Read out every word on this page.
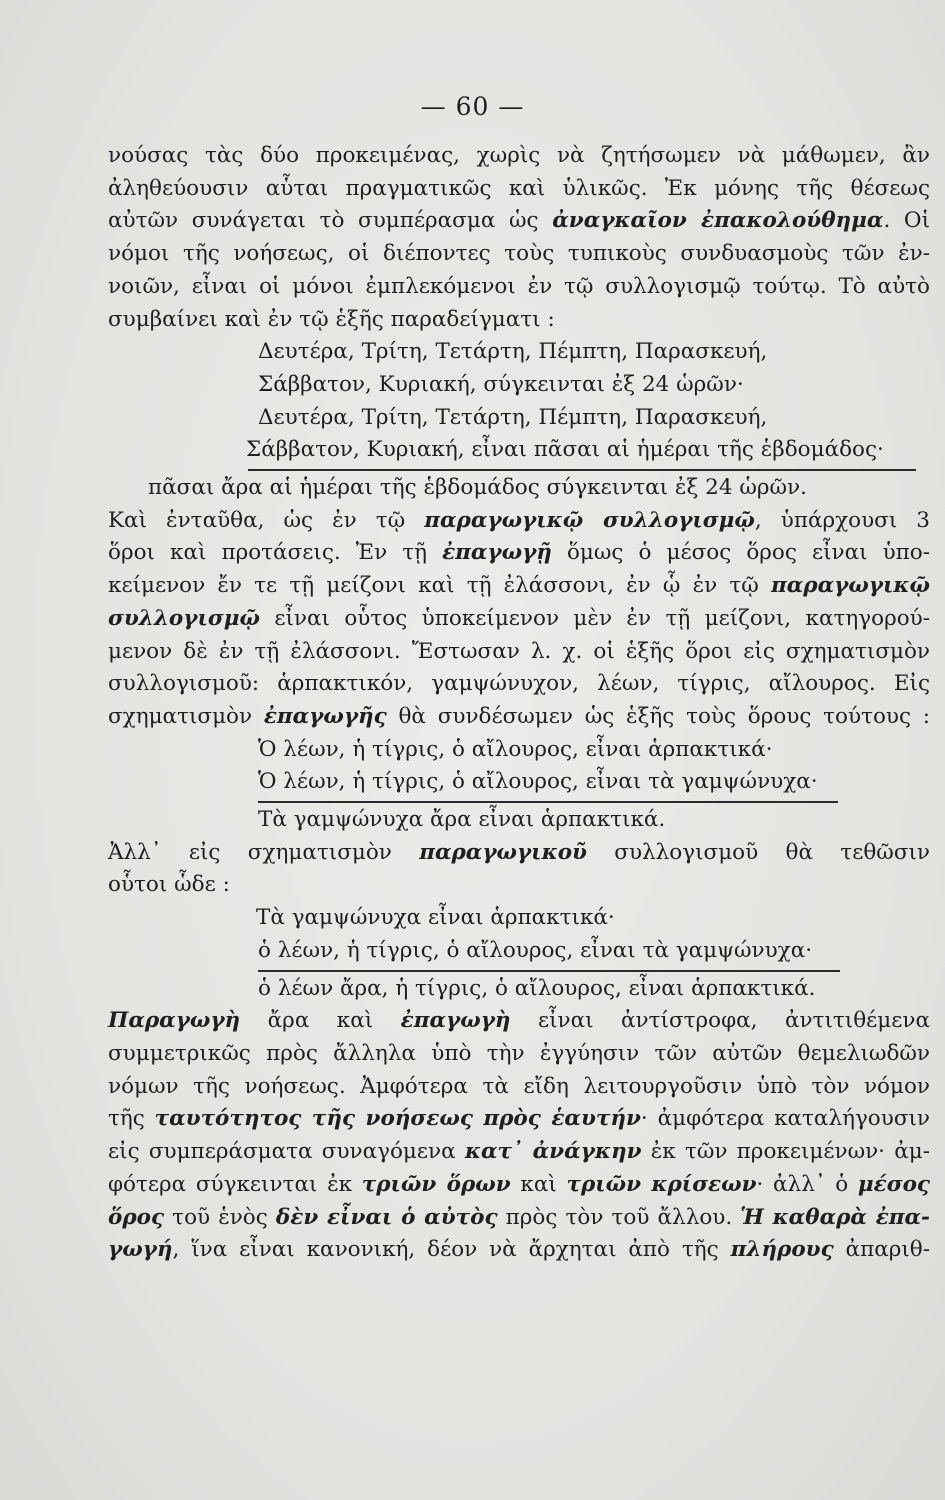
— 60 —
νούσας τὰς δύο προκειμένας, χωρὶς νὰ ζητήσωμεν νὰ μάθωμεν, ἂν
ἀληθεύουσιν αὗται πραγματικῶς καὶ ὑλικῶς. Ἐκ μόνης τῆς θέσεως
αὐτῶν συνάγεται τὸ συμπέρασμα ὡς ἀναγκαῖον ἐπακολούθημα. Οἱ
νόμοι τῆς νοήσεως, οἱ διέποντες τοὺς τυπικοὺς συνδυασμοὺς τῶν ἐν-
νοιῶν, εἶναι οἱ μόνοι ἐμπλεκόμενοι ἐν τῷ συλλογισμῷ τούτῳ. Τὸ αὐτὸ
συμβαίνει καὶ ἐν τῷ ἑξῆς παραδείγματι :
Δευτέρα, Τρίτη, Τετάρτη, Πέμπτη, Παρασκευή,
Σάββατον, Κυριακή, σύγκεινται ἐξ 24 ὡρῶν·
Δευτέρα, Τρίτη, Τετάρτη, Πέμπτη, Παρασκευή,
Σάββατον, Κυριακή, εἶναι πᾶσαι αἱ ἡμέραι τῆς ἑβδομάδος·
πᾶσαι ἄρα αἱ ἡμέραι τῆς ἑβδομάδος σύγκεινται ἐξ 24 ὡρῶν.
Καὶ ἐνταῦθα, ὡς ἐν τῷ παραγωγικῷ συλλογισμῷ, ὑπάρχουσι 3
ὅροι καὶ προτάσεις. Ἐν τῇ ἐπαγωγῇ ὅμως ὁ μέσος ὅρος εἶναι ὑπο-
κείμενον ἔν τε τῇ μείζονι καὶ τῇ ἐλάσσονι, ἐν ᾧ ἐν τῷ παραγωγικῷ
συλλογισμῷ εἶναι οὗτος ὑποκείμενον μὲν ἐν τῇ μείζονι, κατηγορού-
μενον δὲ ἐν τῇ ἐλάσσονι. Ἔστωσαν λ. χ. οἱ ἑξῆς ὅροι εἰς σχηματισμὸν
συλλογισμοῦ: ἁρπακτικόν, γαμψώνυχον, λέων, τίγρις, αἴλουρος. Εἰς
σχηματισμὸν ἐπαγωγῆς θὰ συνδέσωμεν ὡς ἑξῆς τοὺς ὅρους τούτους :
Ὁ λέων, ἡ τίγρις, ὁ αἴλουρος, εἶναι ἁρπακτικά·
Ὁ λέων, ἡ τίγρις, ὁ αἴλουρος, εἶναι τὰ γαμψώνυχα·
Τὰ γαμψώνυχα ἄρα εἶναι ἁρπακτικά.
Ἀλλ᾽ εἰς σχηματισμὸν παραγωγικοῦ συλλογισμοῦ θὰ τεθῶσιν
οὗτοι ὧδε :
Τὰ γαμψώνυχα εἶναι ἁρπακτικά·
ὁ λέων, ἡ τίγρις, ὁ αἴλουρος, εἶναι τὰ γαμψώνυχα·
ὁ λέων ἄρα, ἡ τίγρις, ὁ αἴλουρος, εἶναι ἁρπακτικά.
Παραγωγὴ ἄρα καὶ ἐπαγωγὴ εἶναι ἀντίστροφα, ἀντιτιθέμενα
συμμετρικῶς πρὸς ἄλληλα ὑπὸ τὴν ἐγγύησιν τῶν αὐτῶν θεμελιωδῶν
νόμων τῆς νοήσεως. Ἀμφότερα τὰ εἴδη λειτουργοῦσιν ὑπὸ τὸν νόμον
τῆς ταυτότητος τῆς νοήσεως πρὸς ἑαυτήν· ἀμφότερα καταλήγουσιν
εἰς συμπεράσματα συναγόμενα κατ᾽ ἀνάγκην ἐκ τῶν προκειμένων· ἀμ-
φότερα σύγκεινται ἐκ τριῶν ὅρων καὶ τριῶν κρίσεων· ἀλλ᾽ ὁ μέσος
ὅρος τοῦ ἑνὸς δὲν εἶναι ὁ αὐτὸς πρὸς τὸν τοῦ ἄλλου. Ἡ καθαρὰ ἐπα-
γωγή, ἵνα εἶναι κανονική, δέον νὰ ἄρχηται ἀπὸ τῆς πλήρους ἀπαριθ-
